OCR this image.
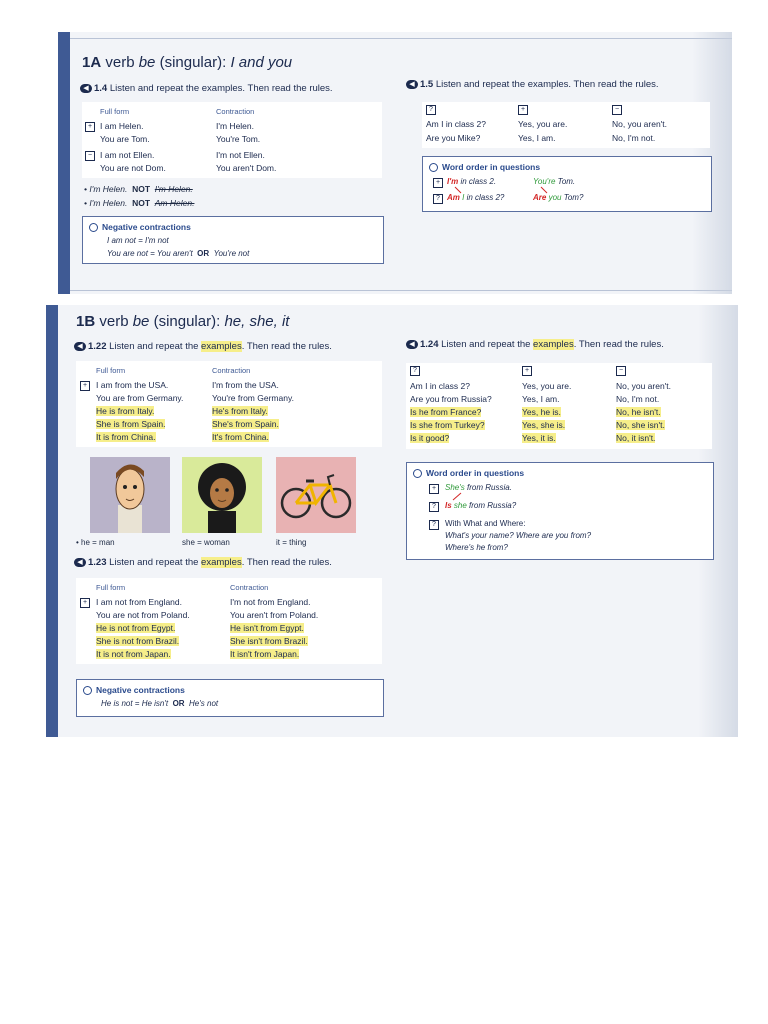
1A verb be (singular): I and you
◀ 1.4 Listen and repeat the examples. Then read the rules.
Full form	Contraction
+ I am Helen.	I'm Helen.
You are Tom.	You're Tom.
− I am not Ellen.	I'm not Ellen.
You are not Dom.	You aren't Dom.
• I'm Helen. NOT I'm Helen.
• I'm Helen. NOT Am Helen.
Negative contractions
I am not = I'm not
You are not = You aren't OR You're not
◀ 1.5 Listen and repeat the examples. Then read the rules.
?	+	−
Am I in class 2?	Yes, you are.	No, you aren't.
Are you Mike?	Yes, I am.	No, I'm not.
Word order in questions
+ I'm in class 2.	You're Tom.
? Am I in class 2?	Are you Tom?
1B verb be (singular): he, she, it
◀ 1.22 Listen and repeat the examples. Then read the rules.
Full form	Contraction
+	I am from the USA.	I'm from the USA.
You are from Germany.	You're from Germany.
He is from Italy.	He's from Italy.
She is from Spain.	She's from Spain.
It is from China.	It's from China.
• he = man	she = woman	it = thing
◀ 1.23 Listen and repeat the examples. Then read the rules.
Full form	Contraction
+	I am not from England.	I'm not from England.
You are not from Poland.	You aren't from Poland.
He is not from Egypt.	He isn't from Egypt.
She is not from Brazil.	She isn't from Brazil.
It is not from Japan.	It isn't from Japan.
Negative contractions
He is not = He isn't OR He's not
◀ 1.24 Listen and repeat the examples. Then read the rules.
?	+	−
Am I in class 2?	Yes, you are.	No, you aren't.
Are you from Russia?	Yes, I am.	No, I'm not.
Is he from France?	Yes, he is.	No, he isn't.
Is she from Turkey?	Yes, she is.	No, she isn't.
Is it good?	Yes, it is.	No, it isn't.
Word order in questions
+	She's from Russia.
?	Is she from Russia?
?	With What and Where:
What's your name? Where are you from?
Where's he from?
